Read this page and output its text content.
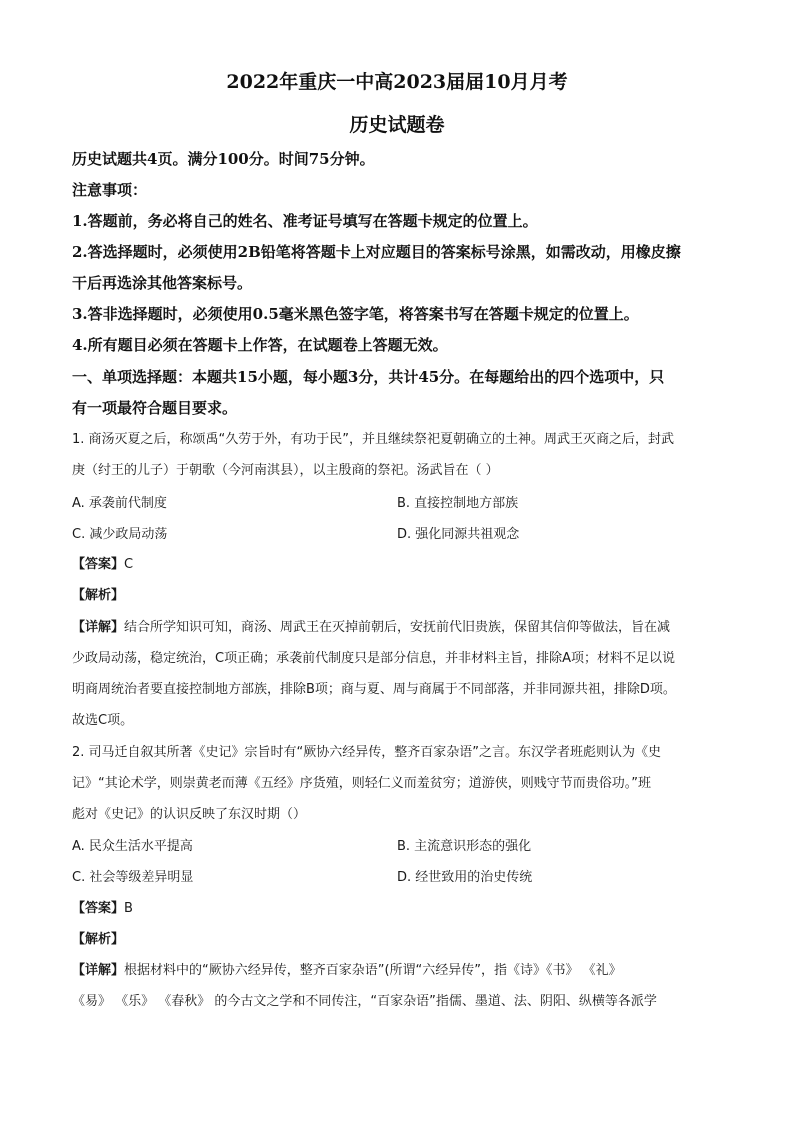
2022年重庆一中高2023届届10月月考
历史试题卷
历史试题共4页。满分100分。时间75分钟。
注意事项：
1.答题前，务必将自己的姓名、准考证号填写在答题卡规定的位置上。
2.答选择题时，必须使用2B铅笔将答题卡上对应题目的答案标号涂黑，如需改动，用橡皮擦
干后再选涂其他答案标号。
3.答非选择题时，必须使用0.5毫米黑色签字笔，将答案书写在答题卡规定的位置上。
4.所有题目必须在答题卡上作答，在试题卷上答题无效。
一、单项选择题：本题共15小题，每小题3分，共计45分。在每题给出的四个选项中，只
有一项最符合题目要求。
1. 商汤灭夏之后，称颂禹“久劳于外，有功于民”，并且继续祭祀夏朝确立的土神。周武王灭商之后，封武
庚（纣王的儿子）于朝歌（今河南淇县），以主殷商的祭祀。汤武旨在（ ）
A. 承袭前代制度	B. 直接控制地方部族
C. 减少政局动荡	D. 强化同源共祖观念
【答案】C
【解析】
【详解】结合所学知识可知，商汤、周武王在灭掉前朝后，安抚前代旧贵族，保留其信仰等做法，旨在减
少政局动荡，稳定统治，C项正确；承袭前代制度只是部分信息，并非材料主旨，排除A项；材料不足以说
明商周统治者要直接控制地方部族，排除B项；商与夏、周与商属于不同部落，并非同源共祖，排除D项。
故选C项。
2. 司马迁自叙其所著《史记》宗旨时有“厥协六经异传，整齐百家杂语”之言。东汉学者班彪则认为《史
记》“其论术学，则崇黄老而薄《五经》序货殖，则轻仁义而羞贫穷；道游侠，则贱守节而贵俗功。”班
彪对《史记》的认识反映了东汉时期（）
A. 民众生活水平提高	B. 主流意识形态的强化
C. 社会等级差异明显	D. 经世致用的治史传统
【答案】B
【解析】
【详解】根据材料中的“厥协六经异传，整齐百家杂语”(所谓“六经异传”，指《诗》《书》 《礼》
《易》 《乐》 《春秋》 的今古文之学和不同传注，“百家杂语”指儒、墨道、法、阴阳、纵横等各派学
